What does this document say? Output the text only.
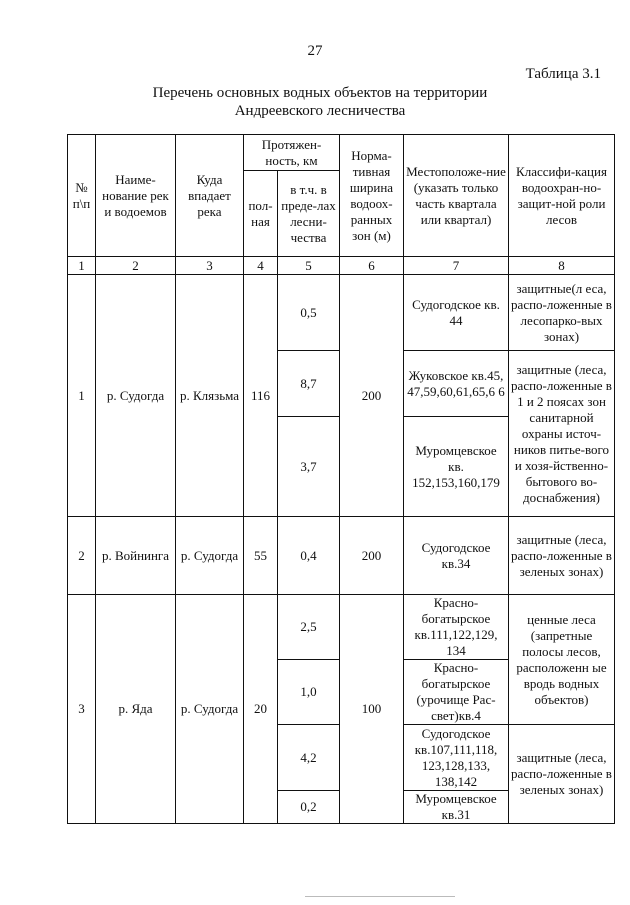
27
Таблица 3.1
Перечень основных водных объектов на территории
Андреевского лесничества
№ п\п	Наиме-нование рек и водоемов	Куда впадает река	Протяжен-ность, км		Норма-тивная ширина водоох-ранных зон (м)	Местоположе-ние (указать только часть квартала или квартал)	Классифи-кация водоохран-но-защит-ной роли лесов
			пол-ная	в т.ч. в преде-лах лесни-чества			
1	2	3	4	5	6	7	8
1	р. Судогда	р. Клязьма	116	0,5	200	Судогодское кв. 44	защитные(л еса, распо-ложенные в лесопарко-вых зонах)
				8,7		Жуковское кв.45, 47,59,60,61,65,6 6	защитные (леса, распо-ложенные в 1 и 2 поясах зон санитарной охраны источ-ников питье-вого и хозя-йственно-бытового во-доснабжения)
				3,7		Муромцевское кв. 152,153,160,179	
2	р. Войнинга	р. Судогда	55	0,4	200	Судогодское кв.34	защитные (леса, распо-ложенные в зеленых зонах)
3	р. Яда	р. Судогда	20	2,5	100	Красно-богатырское кв.111,122,129, 134	ценные леса (запретные полосы лесов, расположенн ые вродь водных объектов)
				1,0		Красно-богатырское (урочище Рас-свет)кв.4	
				4,2		Судогодское кв.107,111,118, 123,128,133, 138,142	защитные (леса, распо-ложенные в зеленых зонах)
				0,2		Муромцевское кв.31	
